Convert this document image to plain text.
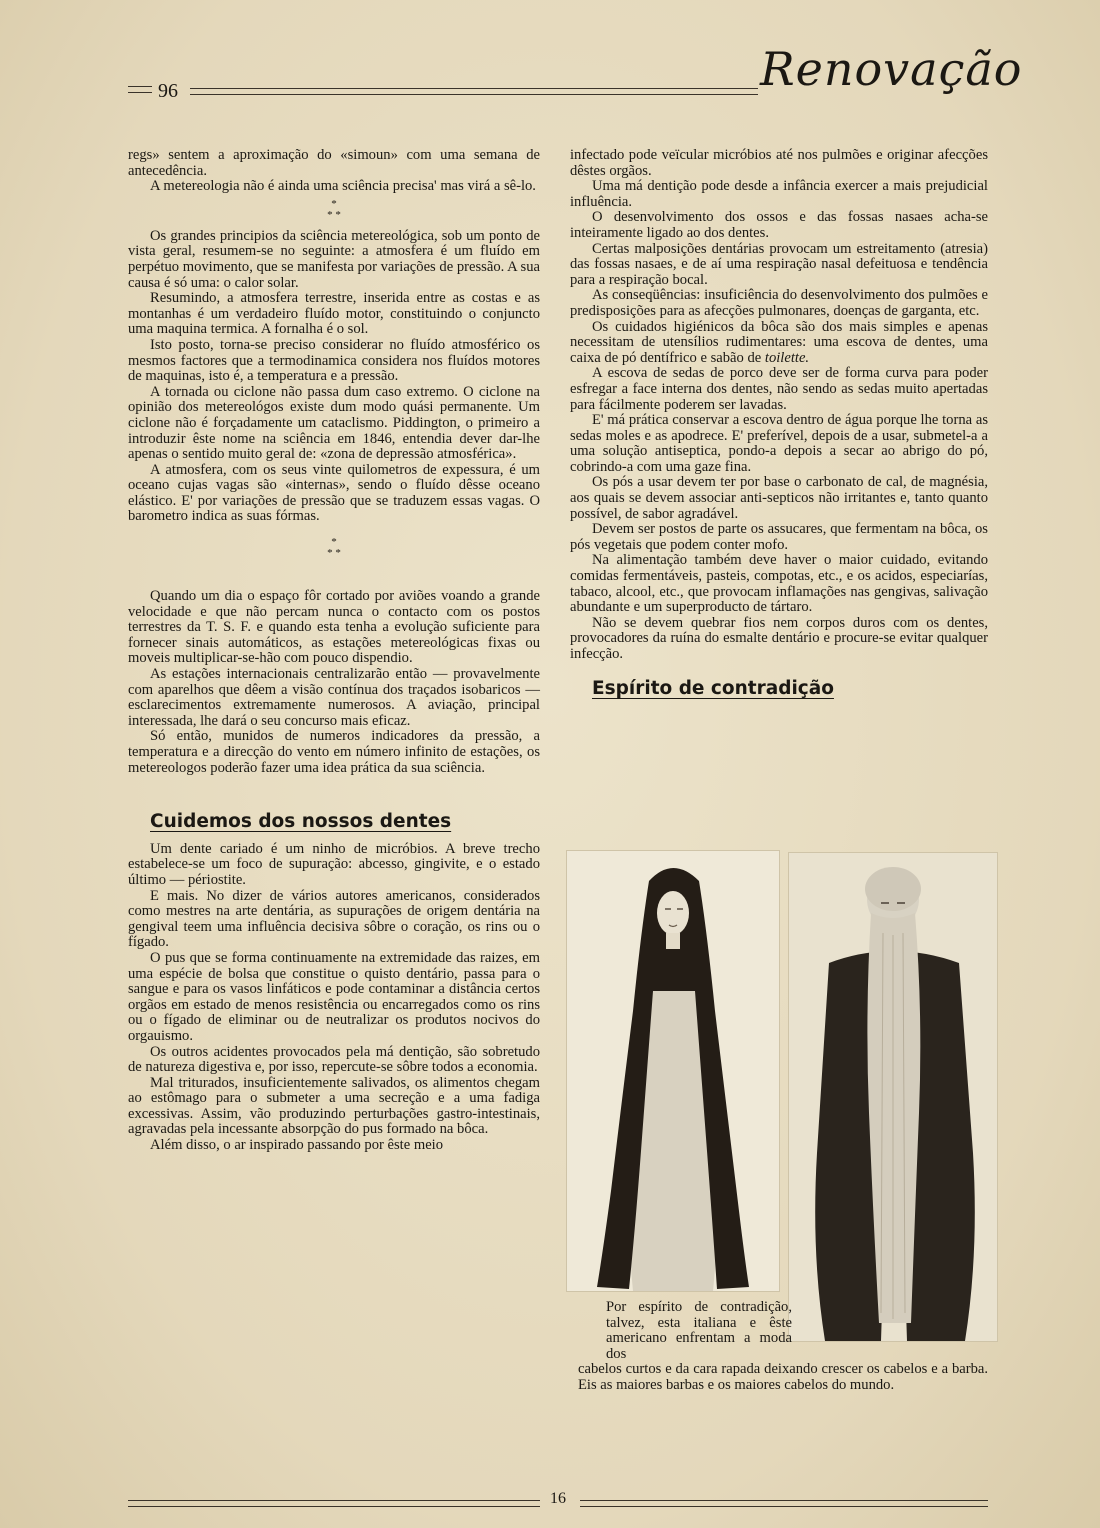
96	Renovação

regs» sentem a aproximação do «simoun» com uma semana de antecedência.

A metereologia não é ainda uma sciência precisa' mas virá a sê-lo.

*
* *

Os grandes principios da sciência metereológica, sob um ponto de vista geral, resumem-se no seguinte: a atmosfera é um fluído em perpétuo movimento, que se manifesta por variações de pressão. A sua causa é só uma: o calor solar.

Resumindo, a atmosfera terrestre, inserida entre as costas e as montanhas é um verdadeiro fluído motor, constituindo o conjuncto uma maquina termica. A fornalha é o sol.

Isto posto, torna-se preciso considerar no fluído atmosférico os mesmos factores que a termodinamica considera nos fluídos motores de maquinas, isto é, a temperatura e a pressão.

A tornada ou ciclone não passa dum caso extremo. O ciclone na opinião dos metereológos existe dum modo quási permanente. Um ciclone não é forçadamente um cataclismo. Piddington, o primeiro a introduzir êste nome na sciência em 1846, entendia dever dar-lhe apenas o sentido muito geral de: «zona de depressão atmosférica».

A atmosfera, com os seus vinte quilometros de expessura, é um oceano cujas vagas são «internas», sendo o fluído dêsse oceano elástico. E' por variações de pressão que se traduzem essas vagas. O barometro indica as suas fórmas.

*
* *

Quando um dia o espaço fôr cortado por aviões voando a grande velocidade e que não percam nunca o contacto com os postos terrestres da T. S. F. e quando esta tenha a evolução suficiente para fornecer sinais automáticos, as estações metereológicas fixas ou moveis multiplicar-se-hão com pouco dispendio.

As estações internacionais centralizarão então — provavelmente com aparelhos que dêem a visão contínua dos traçados isobaricos — esclarecimentos extremamente numerosos. A aviação, principal interessada, lhe dará o seu concurso mais eficaz.

Só então, munidos de numeros indicadores da pressão, a temperatura e a direcção do vento em número infinito de estações, os metereologos poderão fazer uma idea prática da sua sciência.

Cuidemos dos nossos dentes

Um dente cariado é um ninho de micróbios. A breve trecho estabelece-se um foco de supuração: abcesso, gingivite, e o estado último — périostite.

E mais. No dizer de vários autores americanos, considerados como mestres na arte dentária, as supurações de origem dentária na gengival teem uma influência decisiva sôbre o coração, os rins ou o fígado.

O pus que se forma continuamente na extremidade das raizes, em uma espécie de bolsa que constitue o quisto dentário, passa para o sangue e para os vasos linfáticos e pode contaminar a distância certos orgãos em estado de menos resistência ou encarregados como os rins ou o fígado de eliminar ou de neutralizar os produtos nocivos do orgauismo.

Os outros acidentes provocados pela má dentição, são sobretudo de natureza digestiva e, por isso, repercute-se sôbre todos a economia.

Mal triturados, insuficientemente salivados, os alimentos chegam ao estômago para o submeter a uma secreção e a uma fadiga excessivas. Assim, vão produzindo perturbações gastro-intestinais, agravadas pela incessante absorpção do pus formado na bôca.

Além disso, o ar inspirado passando por êste meio

infectado pode veïcular micróbios até nos pulmões e originar afecções dêstes orgãos.

Uma má dentição pode desde a infância exercer a mais prejudicial influência.

O desenvolvimento dos ossos e das fossas nasaes acha-se inteiramente ligado ao dos dentes.

Certas malposições dentárias provocam um estreitamento (atresia) das fossas nasaes, e de aí uma respiração nasal defeituosa e tendência para a respiração bocal.

As conseqüências: insuficiência do desenvolvimento dos pulmões e predisposições para as afecções pulmonares, doenças de garganta, etc.

Os cuidados higiénicos da bôca são dos mais simples e apenas necessitam de utensílios rudimentares: uma escova de dentes, uma caixa de pó dentífrico e sabão de toilette.

A escova de sedas de porco deve ser de forma curva para poder esfregar a face interna dos dentes, não sendo as sedas muito apertadas para fácilmente poderem ser lavadas.

E' má prática conservar a escova dentro de água porque lhe torna as sedas moles e as apodrece. E' preferível, depois de a usar, submetel-a a uma solução antiseptica, pondo-a depois a secar ao abrigo do pó, cobrindo-a com uma gaze fina.

Os pós a usar devem ter por base o carbonato de cal, de magnésia, aos quais se devem associar anti-septicos não irritantes e, tanto quanto possível, de sabor agradável.

Devem ser postos de parte os assucares, que fermentam na bôca, os pós vegetais que podem conter mofo.

Na alimentação também deve haver o maior cuidado, evitando comidas fermentáveis, pasteis, compotas, etc., e os acidos, especiarías, tabaco, alcool, etc., que provocam inflamações nas gengivas, salivação abundante e um superproducto de tártaro.

Não se devem quebrar fios nem corpos duros com os dentes, provocadores da ruína do esmalte dentário e procure-se evitar qualquer infecção.

Espírito de contradição

Por espírito de contradição, talvez, esta italiana e êste americano enfrentam a moda dos
cabelos curtos e da cara rapada deixando crescer os cabelos e a barba. Eis as maiores barbas e os maiores cabelos do mundo.
16
